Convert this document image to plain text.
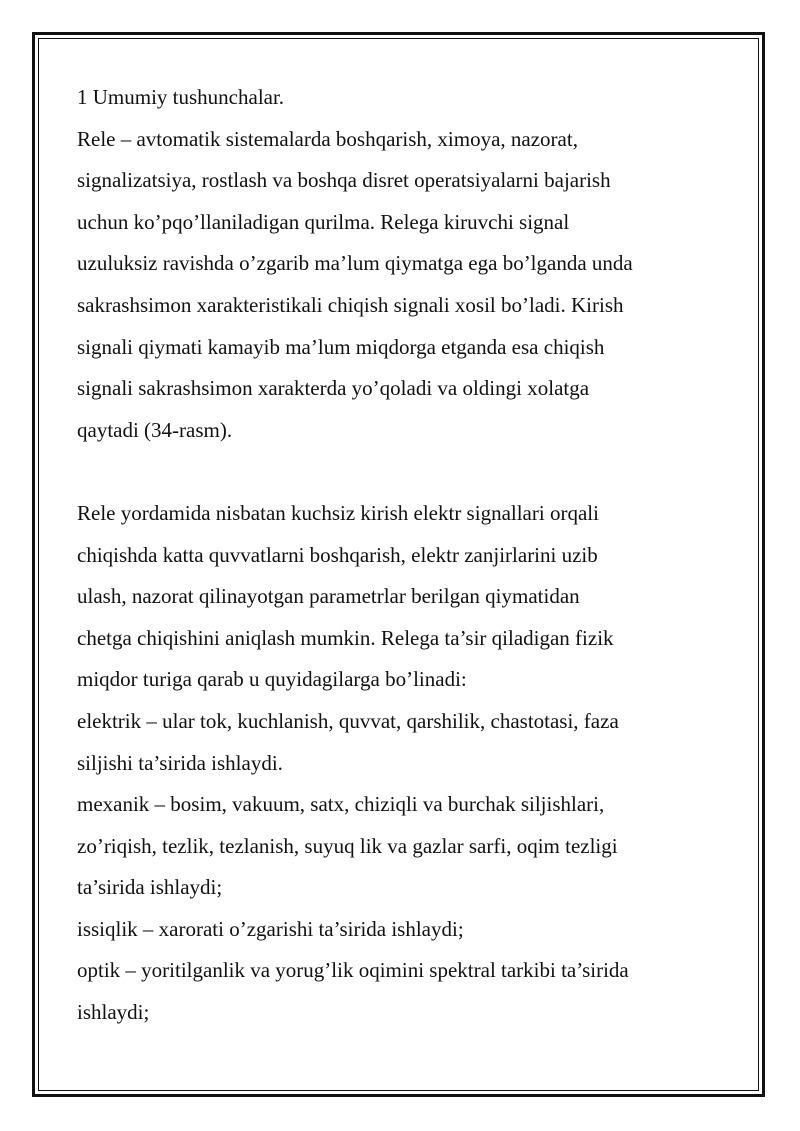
1 Umumiy tushunchalar.
Rele – avtomatik sistemalarda boshqarish, ximoya, nazorat,
signalizatsiya, rostlash va boshqa disret operatsiyalarni bajarish
uchun ko’pqo’llaniladigan qurilma. Relega kiruvchi signal
uzuluksiz ravishda o’zgarib ma’lum qiymatga ega bo’lganda unda
sakrashsimon xarakteristikali chiqish signali xosil bo’ladi. Kirish
signali qiymati kamayib ma’lum miqdorga etganda esa chiqish
signali sakrashsimon xarakterda yo’qoladi va oldingi xolatga
qaytadi (34-rasm).
Rele yordamida nisbatan kuchsiz kirish elektr signallari orqali
chiqishda katta quvvatlarni boshqarish, elektr zanjirlarini uzib
ulash, nazorat qilinayotgan parametrlar berilgan qiymatidan
chetga chiqishini aniqlash mumkin. Relega ta’sir qiladigan fizik
miqdor turiga qarab u quyidagilarga bo’linadi:
elektrik – ular tok, kuchlanish, quvvat, qarshilik, chastotasi, faza
siljishi ta’sirida ishlaydi.
mexanik – bosim, vakuum, satx, chiziqli va burchak siljishlari,
zo’riqish, tezlik, tezlanish, suyuq lik va gazlar sarfi, oqim tezligi
ta’sirida ishlaydi;
issiqlik – xarorati o’zgarishi ta’sirida ishlaydi;
optik – yoritilganlik va yorug’lik oqimini spektral tarkibi ta’sirida
ishlaydi;
